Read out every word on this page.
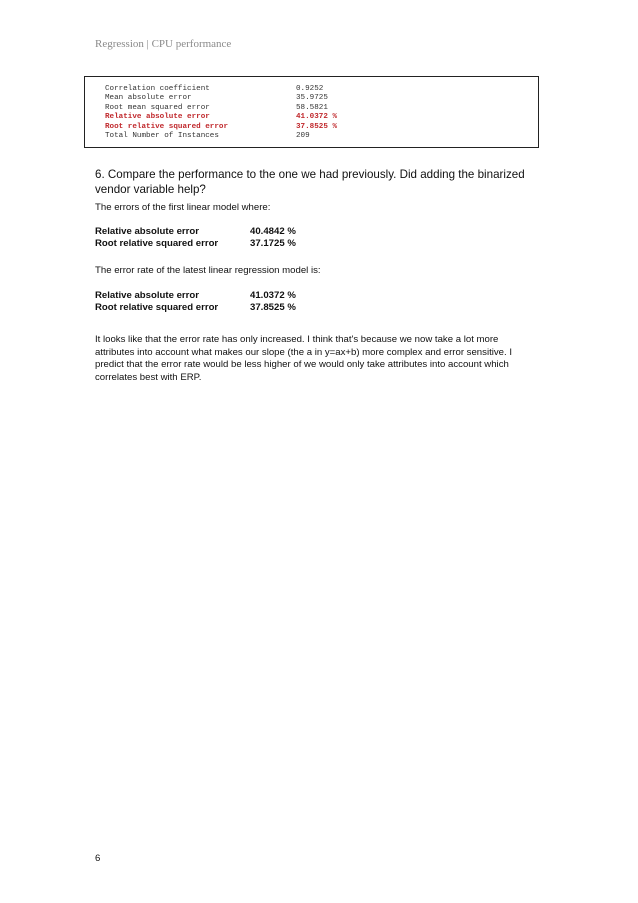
Regression | CPU performance
Correlation coefficient	0.9252
Mean absolute error	35.9725
Root mean squared error	58.5821
Relative absolute error	41.0372 %
Root relative squared error	37.8525 %
Total Number of Instances	209
6. Compare the performance to the one we had previously. Did adding the binarized vendor variable help?
The errors of the first linear model where:
Relative absolute error	40.4842 %
Root relative squared error	37.1725 %
The error rate of the latest linear regression model is:
Relative absolute error	41.0372 %
Root relative squared error	37.8525 %
It looks like that the error rate has only increased. I think that's because we now take a lot more attributes into account what makes our slope (the a in y=ax+b) more complex and error sensitive. I predict that the error rate would be less higher of we would only take attributes into account which correlates best with ERP.
6
